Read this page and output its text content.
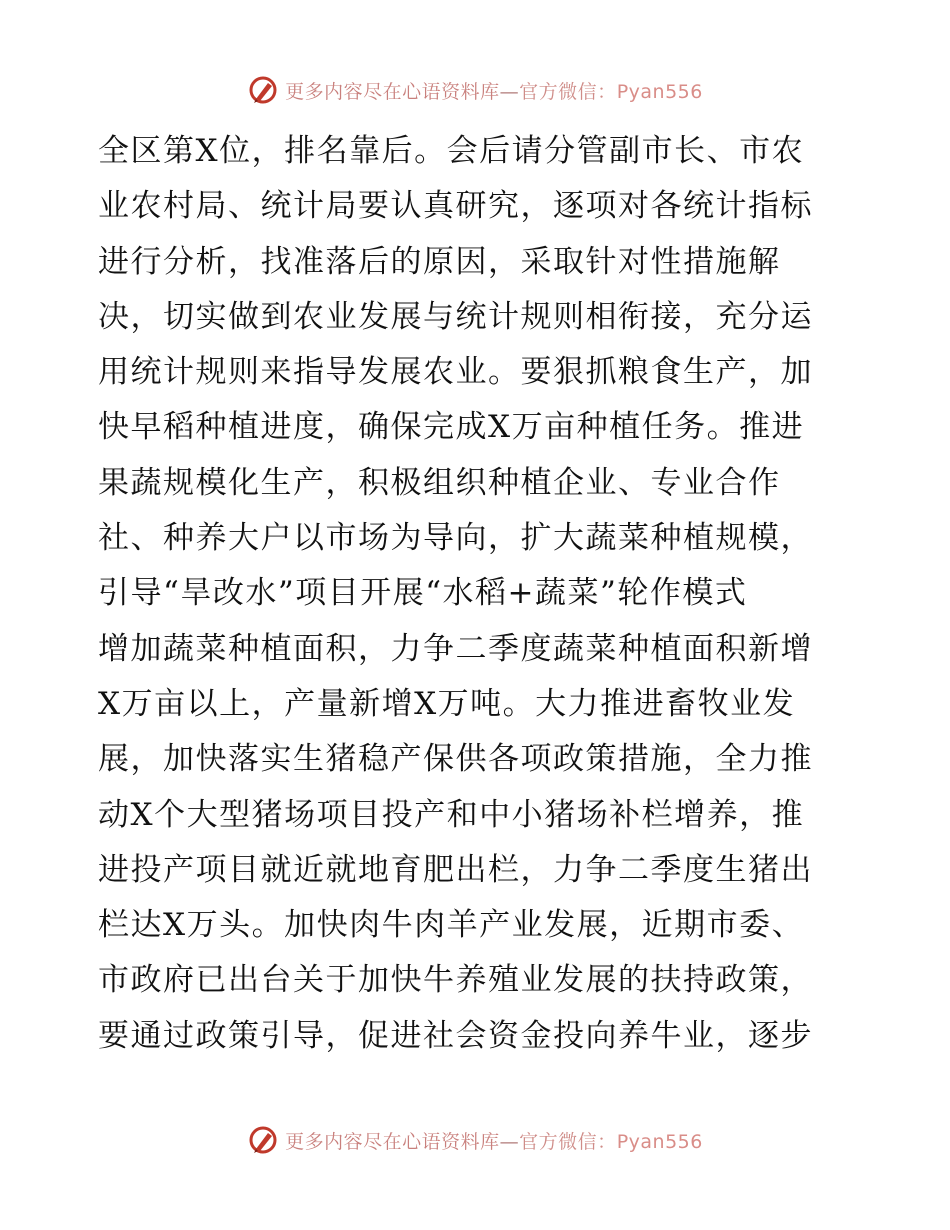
更多内容尽在心语资料库—官方微信：Pyan556
全区第X位，排名靠后。会后请分管副市长、市农
业农村局、统计局要认真研究，逐项对各统计指标
进行分析，找准落后的原因，采取针对性措施解
决，切实做到农业发展与统计规则相衔接，充分运
用统计规则来指导发展农业。要狠抓粮食生产，加
快早稻种植进度，确保完成X万亩种植任务。推进
果蔬规模化生产，积极组织种植企业、专业合作
社、种养大户以市场为导向，扩大蔬菜种植规模，
引导“旱改水”项目开展“水稻+蔬菜”轮作模式
增加蔬菜种植面积，力争二季度蔬菜种植面积新增
X万亩以上，产量新增X万吨。大力推进畜牧业发
展，加快落实生猪稳产保供各项政策措施，全力推
动X个大型猪场项目投产和中小猪场补栏增养，推
进投产项目就近就地育肥出栏，力争二季度生猪出
栏达X万头。加快肉牛肉羊产业发展，近期市委、
市政府已出台关于加快牛养殖业发展的扶持政策，
要通过政策引导，促进社会资金投向养牛业，逐步
更多内容尽在心语资料库—官方微信：Pyan556
